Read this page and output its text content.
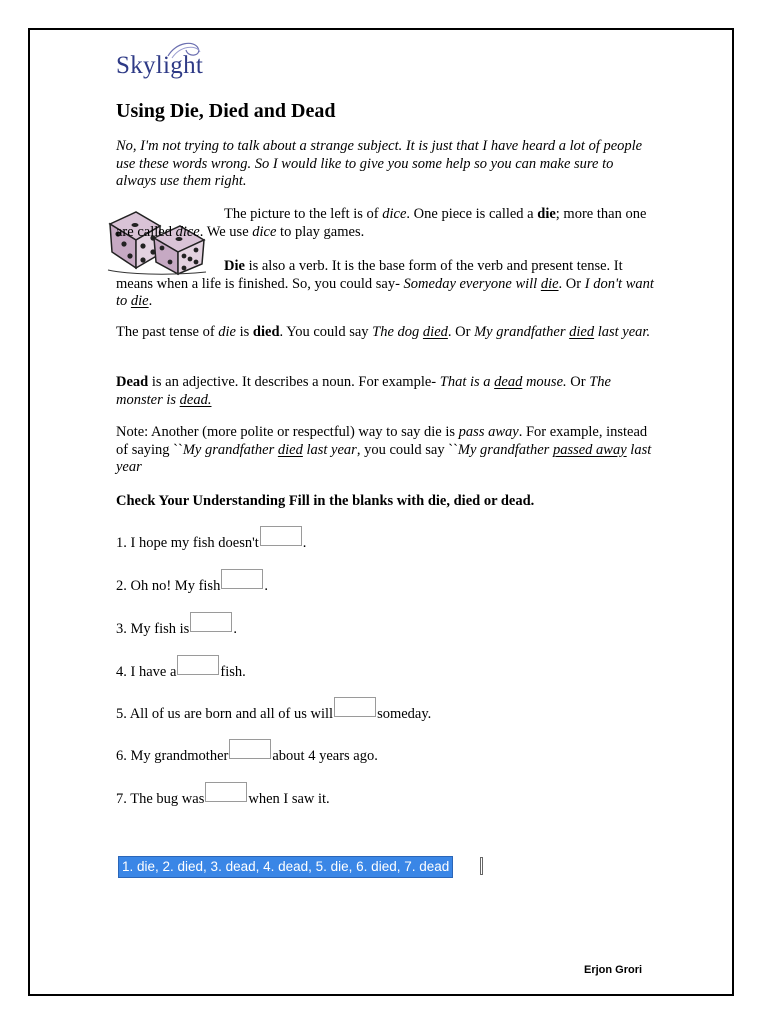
Skylight
Using Die, Died and Dead

No, I'm not trying to talk about a strange subject. It is just that I have heard a lot of people use these words wrong. So I would like to give you some help so you can make sure to always use them right.

The picture to the left is of dice. One piece is called a die; more than one are called dice. We use dice to play games.

Die is also a verb. It is the base form of the verb and present tense. It means when a life is finished. So, you could say- Someday everyone will die. Or I don't want to die.

The past tense of die is died. You could say The dog died. Or My grandfather died last year.

Dead is an adjective. It describes a noun. For example- That is a dead mouse. Or The monster is dead.

Note: Another (more polite or respectful) way to say die is pass away. For example, instead of saying ``My grandfather died last year, you could say ``My grandfather passed away last year

Check Your Understanding Fill in the blanks with die, died or dead.

1. I hope my fish doesn't	.
2. Oh no! My fish	.
3. My fish is	.
4. I have a	fish.
5. All of us are born and all of us will	someday.
6. My grandmother	about 4 years ago.
7. The bug was	when I saw it.
1. die, 2. died, 3. dead, 4. dead, 5. die, 6. died, 7. dead
Erjon Grori
